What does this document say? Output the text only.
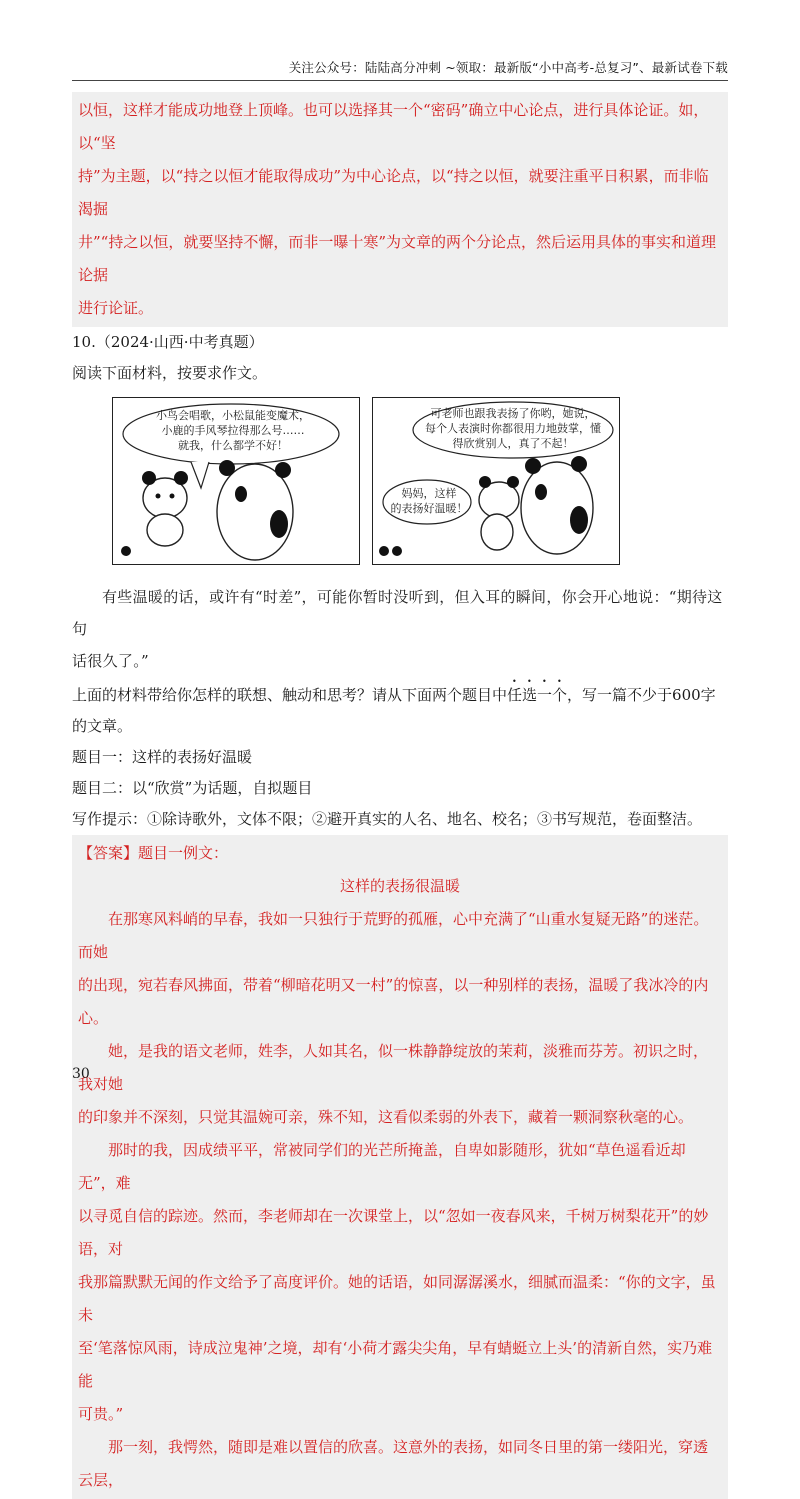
关注公众号：陆陆高分冲刺 ~领取：最新版“小中高考-总复习”、最新试卷下载
以恒，这样才能成功地登上顶峰。也可以选择其一个“密码”确立中心论点，进行具体论证。如，以“坚
持”为主题，以“持之以恒才能取得成功”为中心论点，以“持之以恒，就要注重平日积累，而非临渴掘
井”“持之以恒，就要坚持不懈，而非一曝十寒”为文章的两个分论点，然后运用具体的事实和道理论据
进行论证。
10.（2024·山西·中考真题）
阅读下面材料，按要求作文。
小鸟会唱歌，小松鼠能变魔术，
小鹿的手风琴拉得那么号……
就我，什么都学不好！
可老师也跟我表扬了你哟，她说，
每个人表演时你都很用力地鼓掌，懂
得欣赏别人，真了不起！
妈妈，这样
的表扬好温暖！
有些温暖的话，或许有“时差”，可能你暂时没听到，但入耳的瞬间，你会开心地说：“期待这句
话很久了。”
上面的材料带给你怎样的联想、触动和思考？请从下面两个题目中任选一个，写一篇不少于600字的文章。
题目一：这样的表扬好温暖
题目二：以“欣赏”为话题，自拟题目
写作提示：①除诗歌外，文体不限；②避开真实的人名、地名、校名；③书写规范，卷面整洁。
【答案】题目一例文：
这样的表扬很温暖
在那寒风料峭的早春，我如一只独行于荒野的孤雁，心中充满了“山重水复疑无路”的迷茫。而她
的出现，宛若春风拂面，带着“柳暗花明又一村”的惊喜，以一种别样的表扬，温暖了我冰冷的内心。
她，是我的语文老师，姓李，人如其名，似一株静静绽放的茉莉，淡雅而芬芳。初识之时，我对她
的印象并不深刻，只觉其温婉可亲，殊不知，这看似柔弱的外表下，藏着一颗洞察秋毫的心。
那时的我，因成绩平平，常被同学们的光芒所掩盖，自卑如影随形，犹如“草色遥看近却无”，难
以寻觅自信的踪迹。然而，李老师却在一次课堂上，以“忽如一夜春风来，千树万树梨花开”的妙语，对
我那篇默默无闻的作文给予了高度评价。她的话语，如同潺潺溪水，细腻而温柔：“你的文字，虽未
至‘笔落惊风雨，诗成泣鬼神’之境，却有‘小荷才露尖尖角，早有蜻蜓立上头’的清新自然，实乃难能
可贵。”
那一刻，我愕然，随即是难以置信的欣喜。这意外的表扬，如同冬日里的第一缕阳光，穿透云层，
30
